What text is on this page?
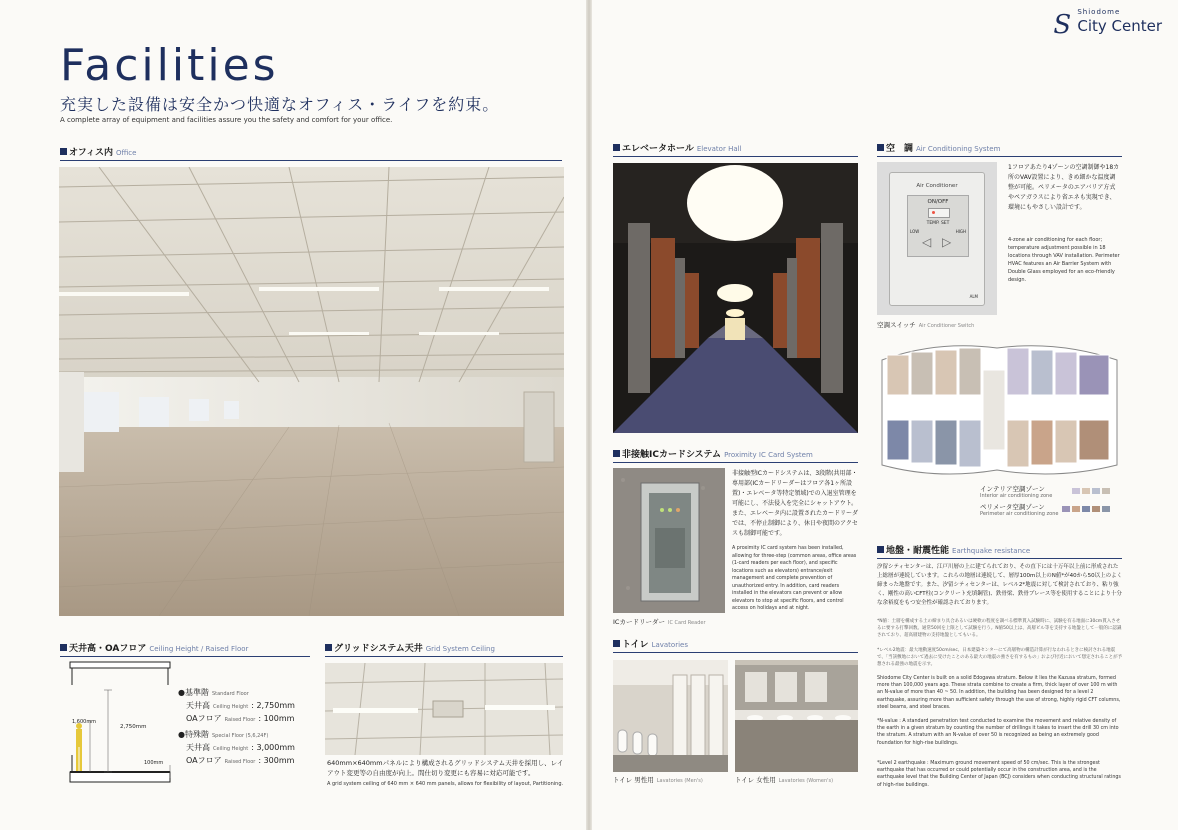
Facilities
充実した設備は安全かつ快適なオフィス・ライフを約束。
A complete array of equipment and facilities assure you the safety and comfort for your office.
S Shiodome
City Center
オフィス内 Office
天井高・OAフロア Ceiling Height / Raised Floor
1,600mm
2,750mm
100mm
●基準階 Standard Floor
天井高 Ceiling Height : 2,750mm
OAフロア Raised Floor : 100mm
●特殊階 Special Floor (5,6,24F)
天井高 Ceiling Height : 3,000mm
OAフロア Raised Floor : 300mm
グリッドシステム天井 Grid System Ceiling
640mm×640mmパネルにより構成されるグリッドシステム天井を採用し、レイアウト変更等の自由度が向上。間仕切り変更にも容易に対応可能です。
A grid system ceiling of 640 mm × 640 mm panels, allows for flexibility of layout, Partitioning.
エレベータホール Elevator Hall
非接触ICカードシステム Proximity IC Card System
ICカードリーダー IC Card Reader
非接触型ICカードシステムは、3段階(共用部・専用部(ICカードリーダーはフロア各1ヶ所設置)・エレベータ等特定領域)での入退室管理を可能にし、不法侵入を完全にシャットアウト。また、エレベータ内に設置されたカードリーダでは、不停止制御により、休日や夜間のアクセスも制御可能です。
A proximity IC card system has been installed, allowing for three-step (common areas, office areas (1-card readers per each floor), and specific locations such as elevators) entrance/exit management and complete prevention of unauthorized entry. In addition, card readers installed in the elevators can prevent or allow elevators to stop at specific floors, and control access on holidays and at night.
トイレ Lavatories
トイレ 男性用 Lavatories (Men's)	トイレ 女性用 Lavatories (Women's)
空　調 Air Conditioning System
Air Conditioner
ON/OFF
TEMP. SET
LOW	HIGH
◁ ▷
ALM
空調スイッチ Air Conditioner Switch
1フロアあたり4ゾーンの空調制御や18カ所のVAV設置により、きめ細かな温度調整が可能。ペリメータのエアバリア方式やペアガラスにより省エネも実現でき、環境にもやさしい設計です。
4-zone air conditioning for each floor; temperature adjustment possible in 18 locations through VAV installation. Perimeter HVAC features an Air Barrier System with Double Glass employed for an eco-friendly design.
インテリア空調ゾーン
Interior air conditioning zone
ペリメータ空調ゾーン
Perimeter air conditioning zone
地盤・耐震性能 Earthquake resistance
汐留シティセンターは、江戸川層の上に建てられており、その直下には十万年以上前に形成された上総層が連続しています。これらの地層は連続して、層厚100m以上のN値*が40から50以上のよく締まった地盤です。また、汐留シティセンターは、レベル2*地震に対して検討されており、粘り強く、剛性の高いCFT柱(コンクリート充填鋼管)、鉄骨梁、鉄骨ブレース等を使用することにより十分な余裕度をもつ安全性が確認されております。
*N値：土層を構成する土の締まり具合あるいは硬軟の程度を調べる標準貫入試験時に、試験を有る地面に30cm貫入させるに要する打撃回数。通常50回を上限として試験を行う。N値50以上は、高層ビル等を支持する地盤として一般的に認識されており、超高層建物の支持地盤としてもいる。
*レベル2地震：最大地動速度50cm/sec、日本建築センターにて高層物の構造計算が行なわれるときに検討される地震で、「当該敷地において過去に受けたことのある最大の地震の強さを有するもの」および付近において想定されることが予想される最強の地震を示す。
Shiodome City Center is built on a solid Edogawa stratum. Below it lies the Kazusa stratum, formed more than 100,000 years ago. These strata combine to create a firm, thick layer of over 100 m with an N-value of more than 40 ~ 50. In addition, the building has been designed for a level 2 earthquake, assuring more than sufficient safety through the use of strong, highly rigid CFT columns, steel beams, and steel braces.
*N-value : A standard penetration test conducted to examine the movement and relative density of the earth in a given stratum by counting the number of drillings it takes to insert the drill 30 cm into the stratum. A stratum with an N-value of over 50 is recognized as being an extremely good foundation for high-rise buildings.
*Level 2 earthquake : Maximum ground movement speed of 50 cm/sec. This is the strongest earthquake that has occurred or could potentially occur in the construction area, and is the earthquake level that the Building Center of Japan (BCJ) considers when conducting structural ratings of high-rise buildings.
